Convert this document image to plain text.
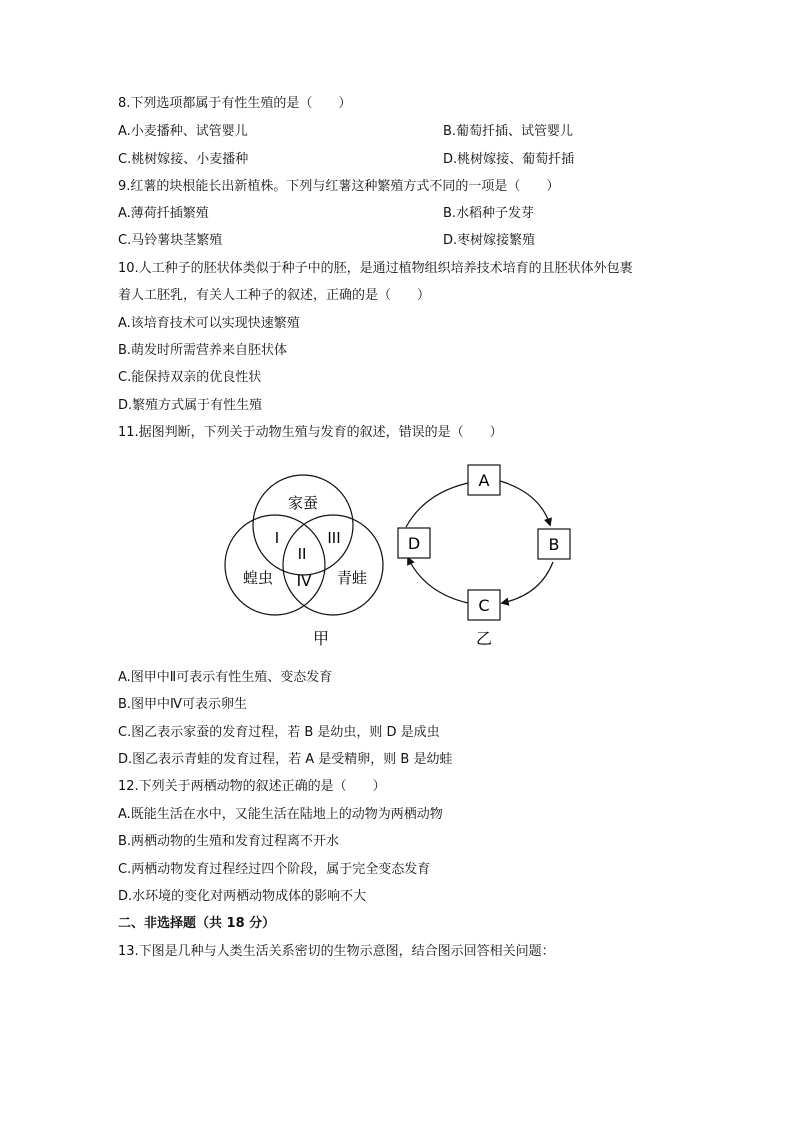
8.下列选项都属于有性生殖的是（　　）
A.小麦播种、试管婴儿	B.葡萄扦插、试管婴儿
C.桃树嫁接、小麦播种	D.桃树嫁接、葡萄扦插
9.红薯的块根能长出新植株。下列与红薯这种繁殖方式不同的一项是（　　）
A.薄荷扦插繁殖	B.水稻种子发芽
C.马铃薯块茎繁殖	D.枣树嫁接繁殖
10.人工种子的胚状体类似于种子中的胚，是通过植物组织培养技术培育的且胚状体外包裹
着人工胚乳，有关人工种子的叙述，正确的是（　　）
A.该培育技术可以实现快速繁殖
B.萌发时所需营养来自胚状体
C.能保持双亲的优良性状
D.繁殖方式属于有性生殖
11.据图判断，下列关于动物生殖与发育的叙述，错误的是（　　）
家蚕
蝗虫	青蛙
I
II
III
IV
甲
A
B
C
D
乙
A.图甲中Ⅱ可表示有性生殖、变态发育
B.图甲中Ⅳ可表示卵生
C.图乙表示家蚕的发育过程，若 B 是幼虫，则 D 是成虫
D.图乙表示青蛙的发育过程，若 A 是受精卵，则 B 是幼蛙
12.下列关于两栖动物的叙述正确的是（　　）
A.既能生活在水中，又能生活在陆地上的动物为两栖动物
B.两栖动物的生殖和发育过程离不开水
C.两栖动物发育过程经过四个阶段，属于完全变态发育
D.水环境的变化对两栖动物成体的影响不大
二、非选择题（共 18 分）
13.下图是几种与人类生活关系密切的生物示意图，结合图示回答相关问题：
